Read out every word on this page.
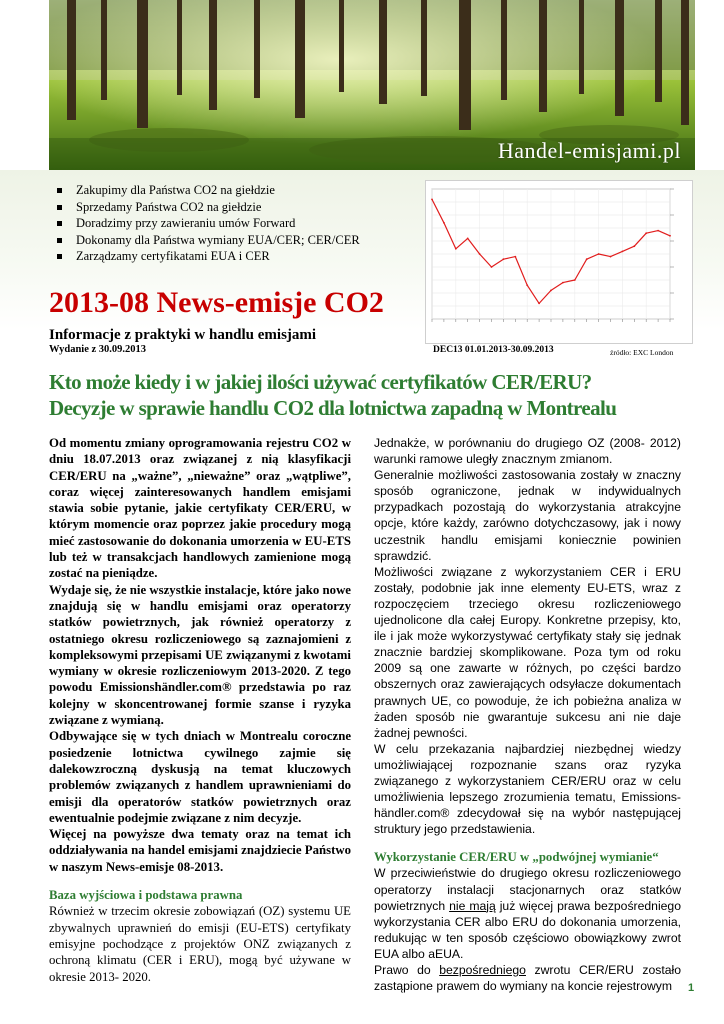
Handel-emisjami.pl
Zakupimy dla Państwa CO2 na giełdzie
Sprzedamy Państwa CO2 na giełdzie
Doradzimy przy zawieraniu umów Forward
Dokonamy dla Państwa wymiany EUA/CER; CER/CER
Zarządzamy certyfikatami EUA i CER
2013-08 News-emisje CO2
Informacje z praktyki w handlu emisjami
Wydanie z 30.09.2013	DEC13 01.01.2013-30.09.2013	źródło: EXC London
Kto może kiedy i w jakiej ilości używać certyfikatów CER/ERU?
Decyzje w sprawie handlu CO2 dla lotnictwa zapadną w Montrealu

Od momentu zmiany oprogramowania rejestru CO2 w dniu 18.07.2013 oraz związanej z nią klasyfikacji CER/ERU na „ważne”, „nieważne” oraz „wątpliwe”, coraz więcej zainteresowanych handlem emisjami stawia sobie pytanie, jakie certyfikaty CER/ERU, w którym momencie oraz poprzez jakie procedury mogą mieć zastosowanie do dokonania umorzenia w EU-ETS lub też w transakcjach handlowych zamienione mogą zostać na pieniądze.

Wydaje się, że nie wszystkie instalacje, które jako nowe znajdują się w handlu emisjami oraz operatorzy statków powietrznych, jak również operatorzy z ostatniego okresu rozliczeniowego są zaznajomieni z kompleksowymi przepisami UE związanymi z kwotami wymiany w okresie rozliczeniowym 2013-2020. Z tego powodu Emissionshändler.com® przedstawia po raz kolejny w skoncentrowanej formie szanse i ryzyka związane z wymianą.

Odbywające się w tych dniach w Montrealu coroczne posiedzenie lotnictwa cywilnego zajmie się dalekowzroczną dyskusją na temat kluczowych problemów związanych z handlem uprawnieniami do emisji dla operatorów statków powietrznych oraz ewentualnie podejmie związane z nim decyzje.

Więcej na powyższe dwa tematy oraz na temat ich oddziaływania na handel emisjami znajdziecie Państwo w naszym News-emisje 08-2013.

Baza wyjściowa i podstawa prawna

Również w trzecim okresie zobowiązań (OZ) systemu UE zbywalnych uprawnień do emisji (EU-ETS) certyfikaty emisyjne pochodzące z projektów ONZ związanych z ochroną klimatu (CER i ERU), mogą być używane w okresie 2013- 2020.

Jednakże, w porównaniu do drugiego OZ (2008- 2012) warunki ramowe uległy znacznym zmianom.

Generalnie możliwości zastosowania zostały w znaczny sposób ograniczone, jednak w indywidualnych przypadkach pozostają do wykorzystania atrakcyjne opcje, które każdy, zarówno dotychczasowy, jak i nowy uczestnik handlu emisjami koniecznie powinien sprawdzić.

Możliwości związane z wykorzystaniem CER i ERU zostały, podobnie jak inne elementy EU-ETS, wraz z rozpoczęciem trzeciego okresu rozliczeniowego ujednolicone dla całej Europy. Konkretne przepisy, kto, ile i jak może wykorzystywać certyfikaty stały się jednak znacznie bardziej skomplikowane. Poza tym od roku 2009 są one zawarte w różnych, po części bardzo obszernych oraz zawierających odsyłacze dokumentach prawnych UE, co powoduje, że ich pobieżna analiza w żaden sposób nie gwarantuje sukcesu ani nie daje żadnej pewności.

W celu przekazania najbardziej niezbędnej wiedzy umożliwiającej rozpoznanie szans oraz ryzyka związanego z wykorzystaniem CER/ERU oraz w celu umożliwienia lepszego zrozumienia tematu, Emissions-händler.com® zdecydował się na wybór następującej struktury jego przedstawienia.

Wykorzystanie CER/ERU w „podwójnej wymianie“

W przeciwieństwie do drugiego okresu rozliczeniowego operatorzy instalacji stacjonarnych oraz statków powietrznych nie mają już więcej prawa bezpośredniego wykorzystania CER albo ERU do dokonania umorzenia, redukując w ten sposób częściowo obowiązkowy zwrot EUA albo aEUA.

Prawo do bezpośredniego zwrotu CER/ERU zostało zastąpione prawem do wymiany na koncie rejestrowym	1
